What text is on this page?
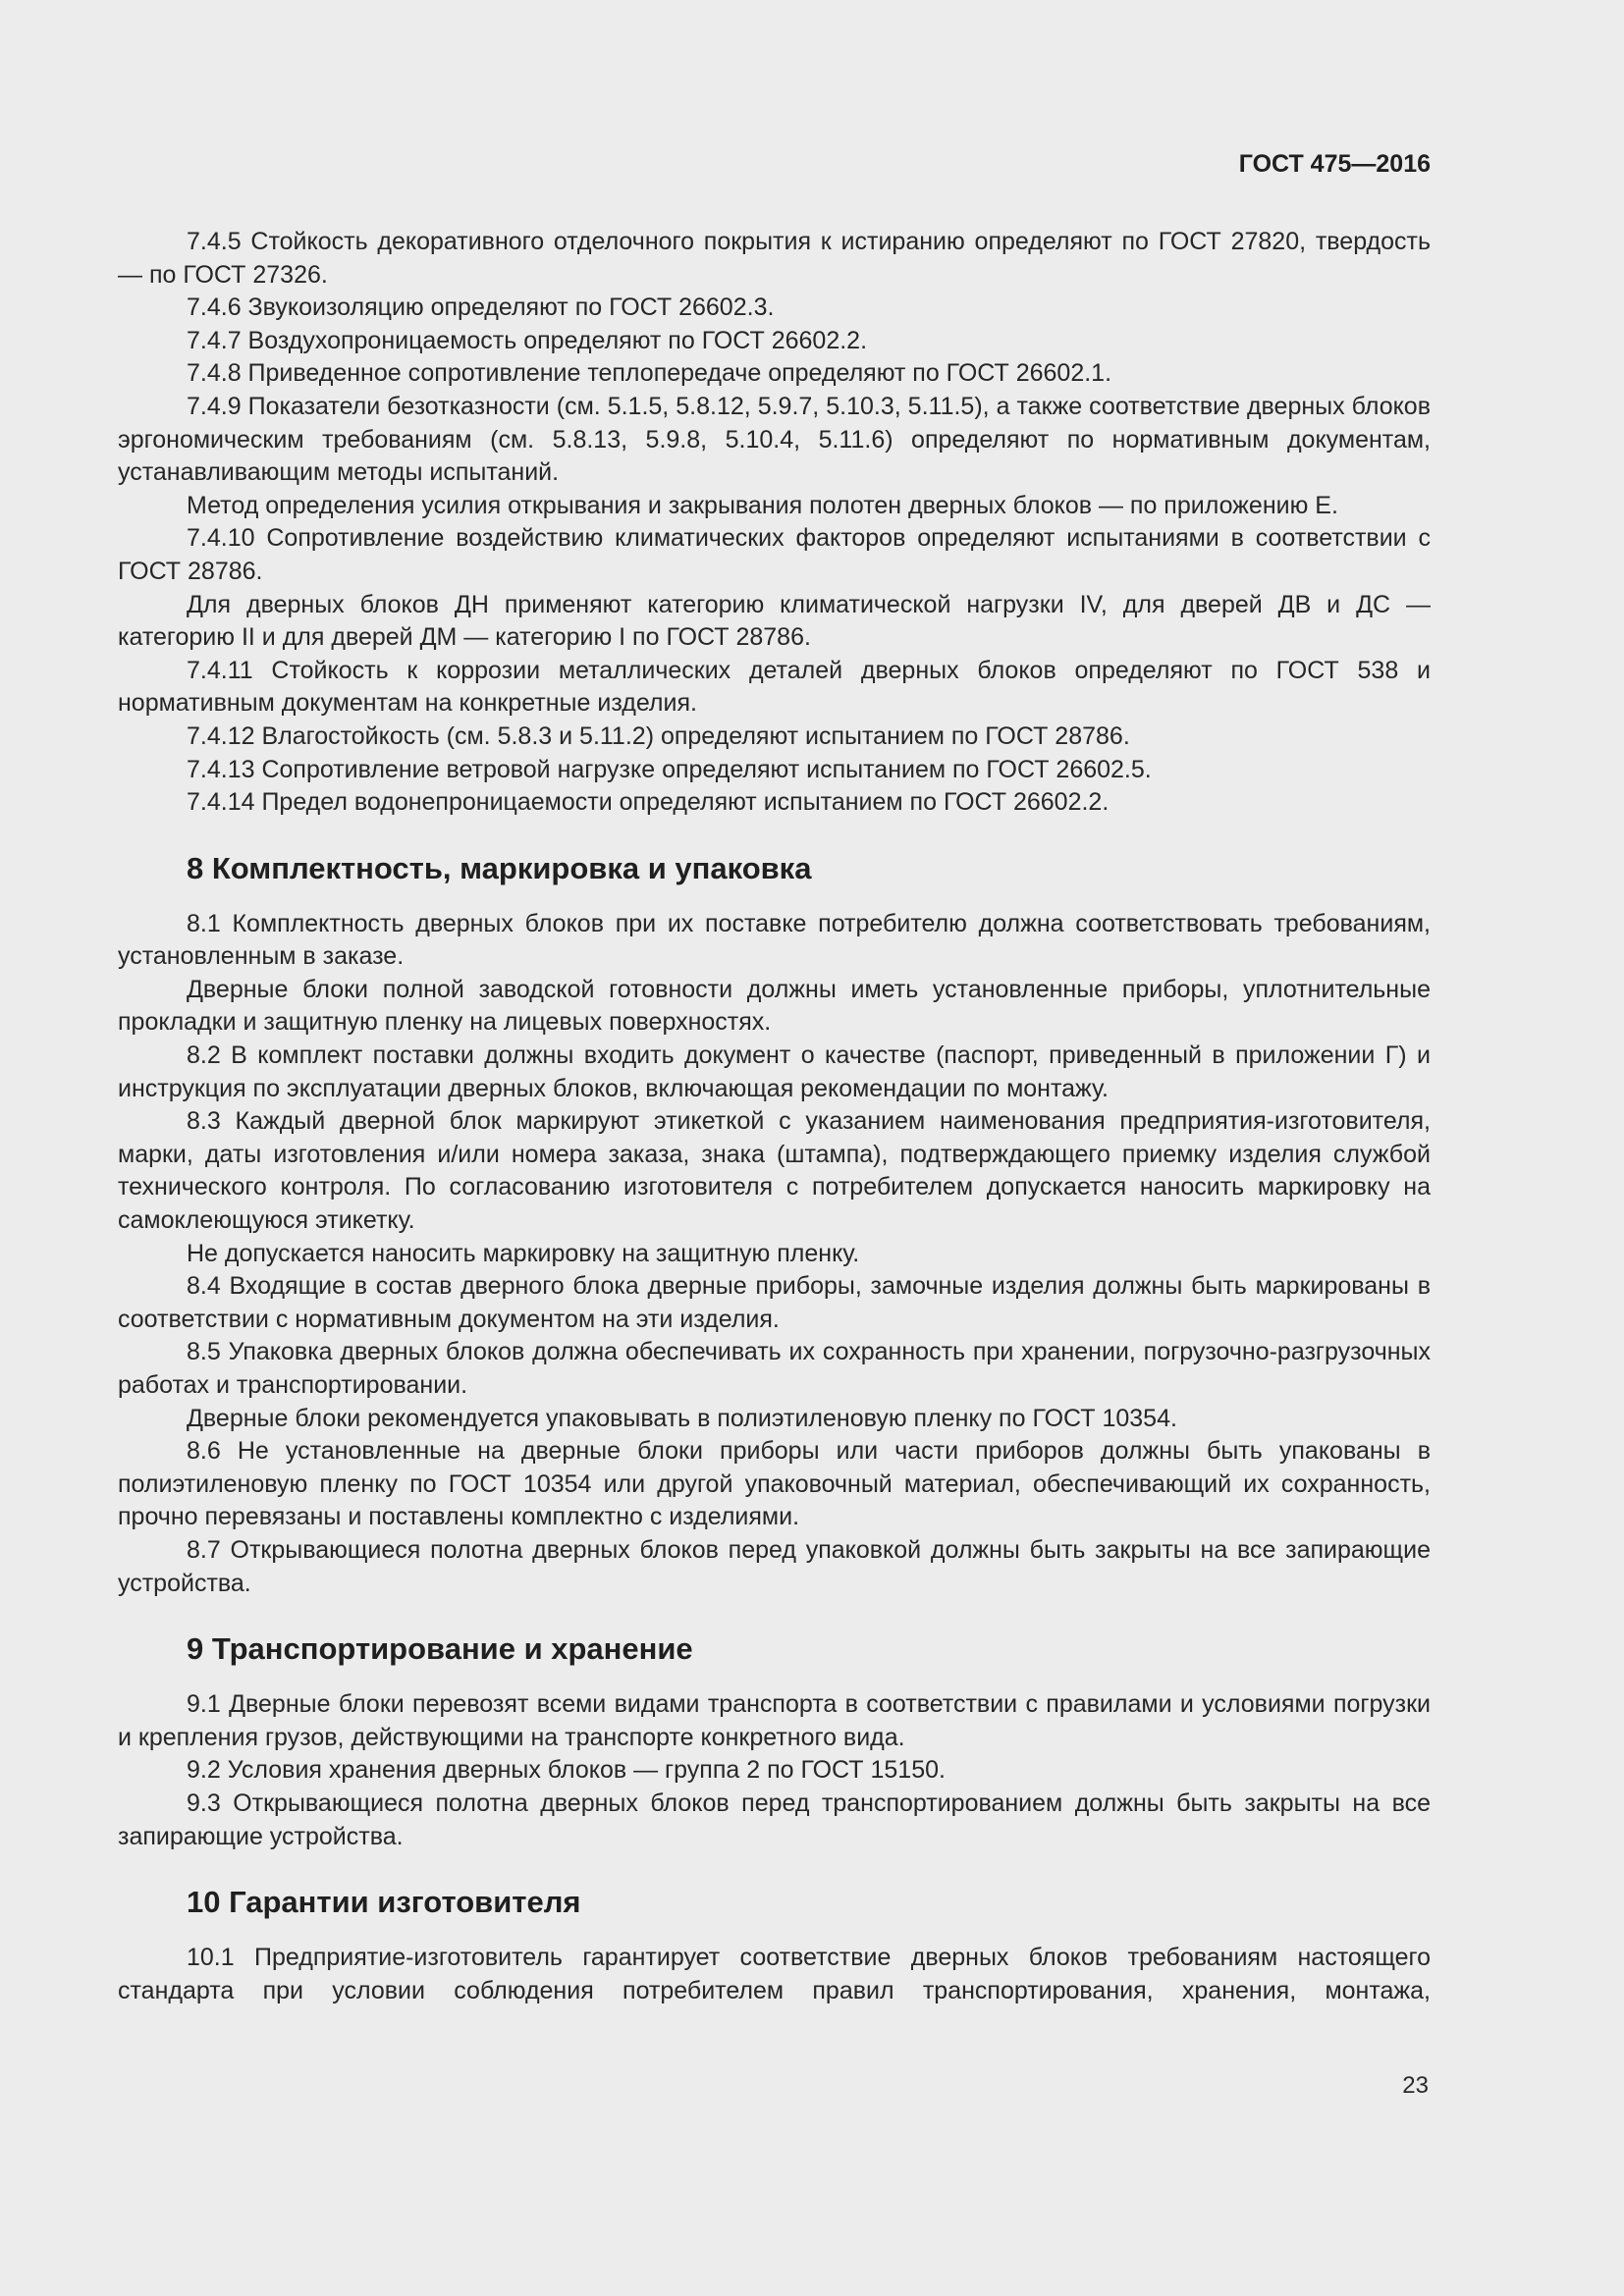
ГОСТ 475—2016

7.4.5 Стойкость декоративного отделочного покрытия к истиранию определяют по ГОСТ 27820, твердость — по ГОСТ 27326.

7.4.6 Звукоизоляцию определяют по ГОСТ 26602.3.

7.4.7 Воздухопроницаемость определяют по ГОСТ 26602.2.

7.4.8 Приведенное сопротивление теплопередаче определяют по ГОСТ 26602.1.

7.4.9 Показатели безотказности (см. 5.1.5, 5.8.12, 5.9.7, 5.10.3, 5.11.5), а также соответствие дверных блоков эргономическим требованиям (см. 5.8.13, 5.9.8, 5.10.4, 5.11.6) определяют по нормативным документам, устанавливающим методы испытаний.

Метод определения усилия открывания и закрывания полотен дверных блоков — по приложению Е.

7.4.10 Сопротивление воздействию климатических факторов определяют испытаниями в соответствии с ГОСТ 28786.

Для дверных блоков ДН применяют категорию климатической нагрузки IV, для дверей ДВ и ДС — категорию II и для дверей ДМ — категорию I по ГОСТ 28786.

7.4.11 Стойкость к коррозии металлических деталей дверных блоков определяют по ГОСТ 538 и нормативным документам на конкретные изделия.

7.4.12 Влагостойкость (см. 5.8.3 и 5.11.2) определяют испытанием по ГОСТ 28786.

7.4.13 Сопротивление ветровой нагрузке определяют испытанием по ГОСТ 26602.5.

7.4.14 Предел водонепроницаемости определяют испытанием по ГОСТ 26602.2.

8 Комплектность, маркировка и упаковка

8.1 Комплектность дверных блоков при их поставке потребителю должна соответствовать требованиям, установленным в заказе.

Дверные блоки полной заводской готовности должны иметь установленные приборы, уплотнительные прокладки и защитную пленку на лицевых поверхностях.

8.2 В комплект поставки должны входить документ о качестве (паспорт, приведенный в приложении Г) и инструкция по эксплуатации дверных блоков, включающая рекомендации по монтажу.

8.3 Каждый дверной блок маркируют этикеткой с указанием наименования предприятия-изготовителя, марки, даты изготовления и/или номера заказа, знака (штампа), подтверждающего приемку изделия службой технического контроля. По согласованию изготовителя с потребителем допускается наносить маркировку на самоклеющуюся этикетку.

Не допускается наносить маркировку на защитную пленку.

8.4 Входящие в состав дверного блока дверные приборы, замочные изделия должны быть маркированы в соответствии с нормативным документом на эти изделия.

8.5 Упаковка дверных блоков должна обеспечивать их сохранность при хранении, погрузочно-разгрузочных работах и транспортировании.

Дверные блоки рекомендуется упаковывать в полиэтиленовую пленку по ГОСТ 10354.

8.6 Не установленные на дверные блоки приборы или части приборов должны быть упакованы в полиэтиленовую пленку по ГОСТ 10354 или другой упаковочный материал, обеспечивающий их сохранность, прочно перевязаны и поставлены комплектно с изделиями.

8.7 Открывающиеся полотна дверных блоков перед упаковкой должны быть закрыты на все запирающие устройства.

9 Транспортирование и хранение

9.1 Дверные блоки перевозят всеми видами транспорта в соответствии с правилами и условиями погрузки и крепления грузов, действующими на транспорте конкретного вида.

9.2 Условия хранения дверных блоков — группа 2 по ГОСТ 15150.

9.3 Открывающиеся полотна дверных блоков перед транспортированием должны быть закрыты на все запирающие устройства.

10 Гарантии изготовителя

10.1 Предприятие-изготовитель гарантирует соответствие дверных блоков требованиям настоящего стандарта при условии соблюдения потребителем правил транспортирования, хранения, монтажа,

23
